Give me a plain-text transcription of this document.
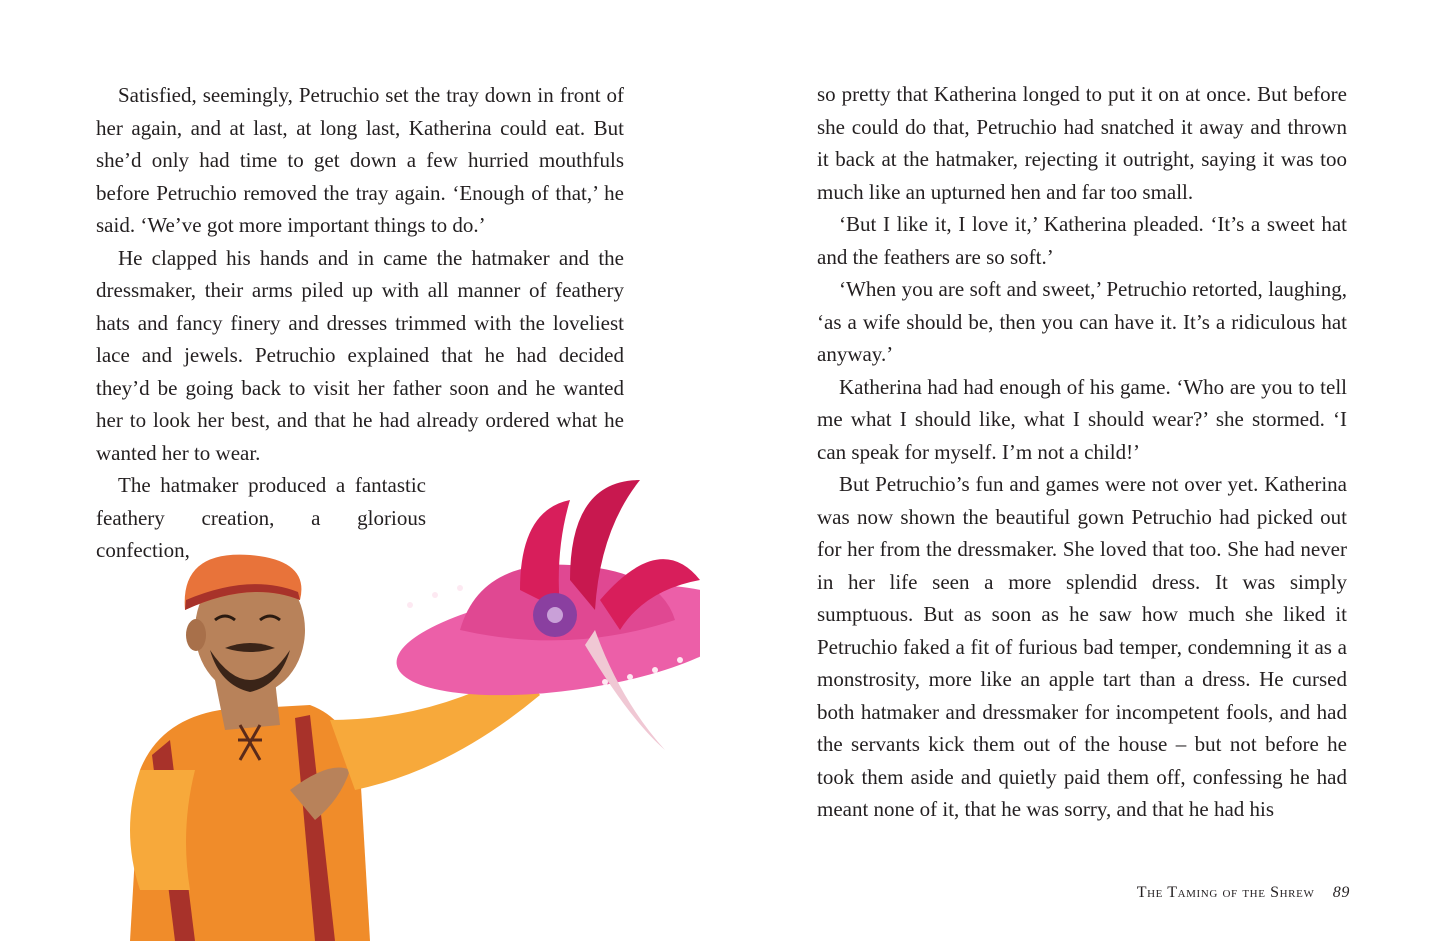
Satisfied, seemingly, Petruchio set the tray down in front of her again, and at last, at long last, Katherina could eat. But she’d only had time to get down a few hurried mouthfuls before Petruchio removed the tray again. ‘Enough of that,’ he said. ‘We’ve got more important things to do.’

He clapped his hands and in came the hatmaker and the dressmaker, their arms piled up with all manner of feathery hats and fancy finery and dresses trimmed with the loveliest lace and jewels. Petruchio explained that he had decided they’d be going back to visit her father soon and he wanted her to look her best, and that he had already ordered what he wanted her to wear.

The hatmaker produced a fantastic feathery creation, a glorious confection,

so pretty that Katherina longed to put it on at once. But before she could do that, Petruchio had snatched it away and thrown it back at the hatmaker, rejecting it outright, saying it was too much like an upturned hen and far too small.

‘But I like it, I love it,’ Katherina pleaded. ‘It’s a sweet hat and the feathers are so soft.’

‘When you are soft and sweet,’ Petruchio retorted, laughing, ‘as a wife should be, then you can have it. It’s a ridiculous hat anyway.’

Katherina had had enough of his game. ‘Who are you to tell me what I should like, what I should wear?’ she stormed. ‘I can speak for myself. I’m not a child!’

But Petruchio’s fun and games were not over yet. Katherina was now shown the beautiful gown Petruchio had picked out for her from the dressmaker. She loved that too. She had never in her life seen a more splendid dress. It was simply sumptuous. But as soon as he saw how much she liked it Petruchio faked a fit of furious bad temper, condemning it as a monstrosity, more like an apple tart than a dress. He cursed both hatmaker and dressmaker for incompetent fools, and had the servants kick them out of the house – but not before he took them aside and quietly paid them off, confessing he had meant none of it, that he was sorry, and that he had his

The Taming of the Shrew 89
